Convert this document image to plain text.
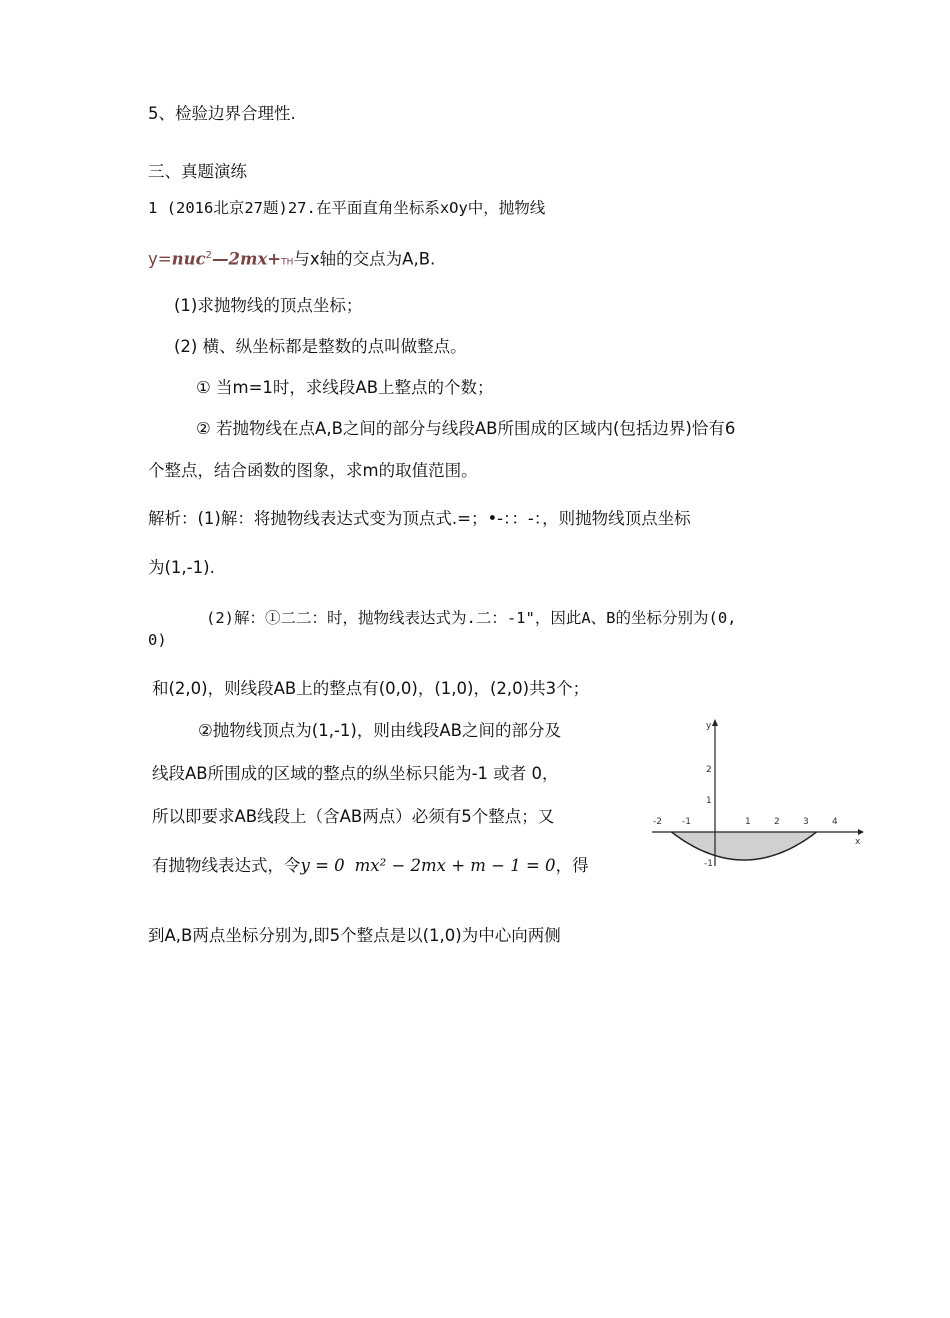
5、检验边界合理性.
三、真题演练
1 (2016北京27题)27.在平面直角坐标系xOy中，抛物线
y=nuc$^2$—2mx+TH与x轴的交点为A,B.
(1)求抛物线的顶点坐标；
(2) 横、纵坐标都是整数的点叫做整点。
① 当m=1时，求线段AB上整点的个数；
② 若抛物线在点A,B之间的部分与线段AB所围成的区域内(包括边界)恰有6
个整点，结合函数的图象，求m的取值范围。
解析：(1)解：将抛物线表达式变为顶点式.=；•-：：-：，则抛物线顶点坐标
为(1,-1).
(2)解：①二二：时，抛物线表达式为.二：-1"，因此A、B的坐标分别为(0,
0)
和(2,0)，则线段AB上的整点有(0,0)，(1,0)，(2,0)共3个；
②抛物线顶点为(1,-1)，则由线段AB之间的部分及
线段AB所围成的区域的整点的纵坐标只能为-1 或者 0，
所以即要求AB线段上（含AB两点）必须有5个整点；又
有抛物线表达式，令y = 0 mx² − 2mx + m − 1 = 0，得
到A,B两点坐标分别为,即5个整点是以(1,0)为中心向两侧
y
x
2
1
-1
-2 -1	1	2	3	4
